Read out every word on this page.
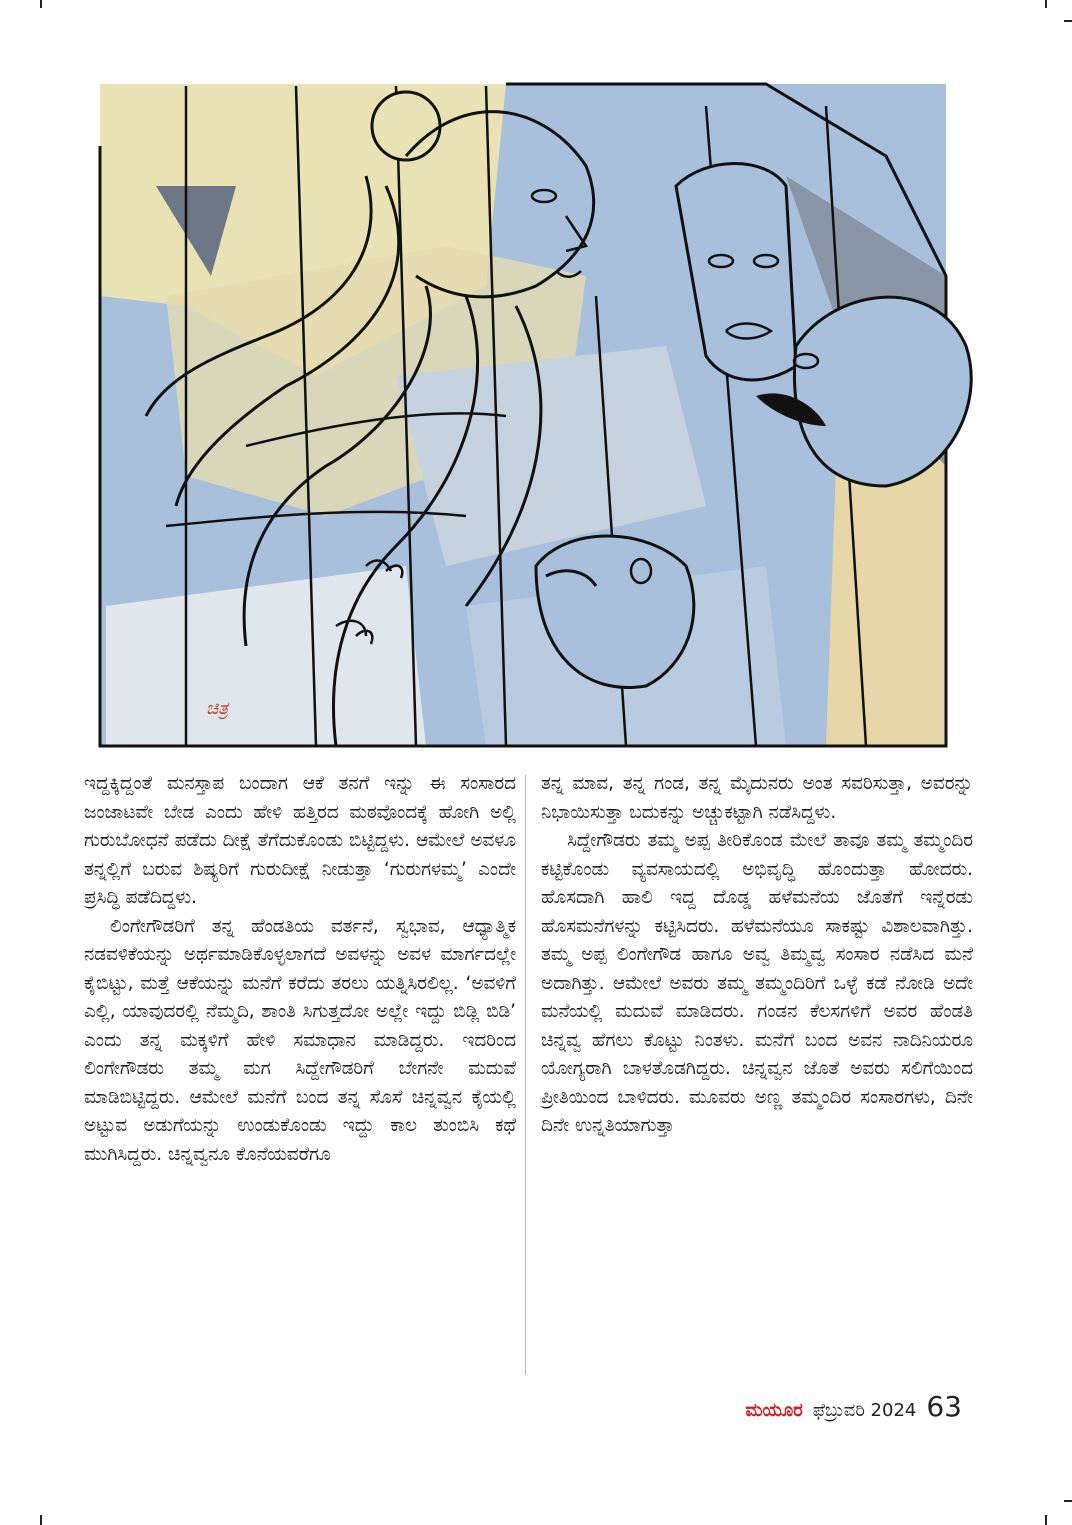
ಚಿತ್ರ

ಇದ್ದಕ್ಕಿದ್ದಂತೆ ಮನಸ್ತಾಪ ಬಂದಾಗ ಆಕೆ ತನಗೆ ಇನ್ನು ಈ ಸಂಸಾರದ ಜಂಜಾಟವೇ ಬೇಡ ಎಂದು ಹೇಳಿ ಹತ್ತಿರದ ಮಠವೊಂದಕ್ಕೆ ಹೋಗಿ ಅಲ್ಲಿ ಗುರುಬೋಧನೆ ಪಡೆದು ದೀಕ್ಷೆ ತೆಗೆದುಕೊಂಡು ಬಿಟ್ಟಿದ್ದಳು. ಆಮೇಲೆ ಅವಳೂ ತನ್ನಲ್ಲಿಗೆ ಬರುವ ಶಿಷ್ಯರಿಗೆ ಗುರುದೀಕ್ಷೆ ನೀಡುತ್ತಾ ‘ಗುರುಗಳಮ್ಮ’ ಎಂದೇ ಪ್ರಸಿದ್ಧಿ ಪಡೆದಿದ್ದಳು.

ಲಿಂಗೇಗೌಡರಿಗೆ ತನ್ನ ಹೆಂಡತಿಯ ವರ್ತನೆ, ಸ್ವಭಾವ, ಆಧ್ಯಾತ್ಮಿಕ ನಡವಳಿಕೆಯನ್ನು ಅರ್ಥಮಾಡಿಕೊಳ್ಳಲಾಗದೆ ಅವಳನ್ನು ಅವಳ ಮಾರ್ಗದಲ್ಲೇ ಕೈಬಿಟ್ಟು, ಮತ್ತೆ ಆಕೆಯನ್ನು ಮನೆಗೆ ಕರೆದು ತರಲು ಯತ್ನಿಸಿರಲಿಲ್ಲ. ‘ಅವಳಿಗೆ ಎಲ್ಲಿ, ಯಾವುದರಲ್ಲಿ ನೆಮ್ಮದಿ, ಶಾಂತಿ ಸಿಗುತ್ತದೋ ಅಲ್ಲೇ ಇದ್ದು ಬಿಡ್ಲಿ ಬಿಡಿ’ ಎಂದು ತನ್ನ ಮಕ್ಕಳಿಗೆ ಹೇಳಿ ಸಮಾಧಾನ ಮಾಡಿದ್ದರು. ಇದರಿಂದ ಲಿಂಗೇಗೌಡರು ತಮ್ಮ ಮಗ ಸಿದ್ದೇಗೌಡರಿಗೆ ಬೇಗನೇ ಮದುವೆ ಮಾಡಿಬಿಟ್ಟಿದ್ದರು. ಆಮೇಲೆ ಮನೆಗೆ ಬಂದ ತನ್ನ ಸೊಸೆ ಚಿನ್ನವ್ವನ ಕೈಯಲ್ಲಿ ಅಟ್ಟುವ ಅಡುಗೆಯನ್ನು ಉಂಡುಕೊಂಡು ಇದ್ದು ಕಾಲ ತುಂಬಿಸಿ ಕಥೆ ಮುಗಿಸಿದ್ದರು. ಚಿನ್ನವ್ವನೂ ಕೊನೆಯವರೆಗೂ

ತನ್ನ ಮಾವ, ತನ್ನ ಗಂಡ, ತನ್ನ ಮೈದುನರು ಅಂತ ಸವರಿಸುತ್ತಾ, ಅವರನ್ನು ನಿಭಾಯಿಸುತ್ತಾ ಬದುಕನ್ನು ಅಚ್ಚುಕಟ್ಟಾಗಿ ನಡೆಸಿದ್ದಳು.

ಸಿದ್ದೇಗೌಡರು ತಮ್ಮ ಅಪ್ಪ ತೀರಿಕೊಂಡ ಮೇಲೆ ತಾವೂ ತಮ್ಮ ತಮ್ಮಂದಿರ ಕಟ್ಟಿಕೊಂಡು ವ್ಯವಸಾಯದಲ್ಲಿ ಅಭಿವೃದ್ಧಿ ಹೊಂದುತ್ತಾ ಹೋದರು. ಹೊಸದಾಗಿ ಹಾಲಿ ಇದ್ದ ದೊಡ್ಡ ಹಳೆಮನೆಯ ಜೊತೆಗೆ ಇನ್ನೆರಡು ಹೊಸಮನೆಗಳನ್ನು ಕಟ್ಟಿಸಿದರು. ಹಳೆಮನೆಯೂ ಸಾಕಷ್ಟು ವಿಶಾಲವಾಗಿತ್ತು. ತಮ್ಮ ಅಪ್ಪ ಲಿಂಗೇಗೌಡ ಹಾಗೂ ಅವ್ವ ತಿಮ್ಮವ್ವ ಸಂಸಾರ ನಡೆಸಿದ ಮನೆ ಅದಾಗಿತ್ತು. ಆಮೇಲೆ ಅವರು ತಮ್ಮ ತಮ್ಮಂದಿರಿಗೆ ಒಳ್ಳೆ ಕಡೆ ನೋಡಿ ಅದೇ ಮನೆಯಲ್ಲಿ ಮದುವೆ ಮಾಡಿದರು. ಗಂಡನ ಕೆಲಸಗಳಿಗೆ ಅವರ ಹೆಂಡತಿ ಚಿನ್ನವ್ವ ಹೆಗಲು ಕೊಟ್ಟು ನಿಂತಳು. ಮನೆಗೆ ಬಂದ ಅವನ ನಾದಿನಿಯರೂ ಯೋಗ್ಯರಾಗಿ ಬಾಳತೊಡಗಿದ್ದರು. ಚಿನ್ನವ್ವನ ಜೊತೆ ಅವರು ಸಲಿಗೆಯಿಂದ ಪ್ರೀತಿಯಿಂದ ಬಾಳಿದರು. ಮೂವರು ಅಣ್ಣ ತಮ್ಮಂದಿರ ಸಂಸಾರಗಳು, ದಿನೇ ದಿನೇ ಉನ್ನತಿಯಾಗುತ್ತಾ

ಮಯೂರ ಫೆಬ್ರುವರಿ 2024 63
